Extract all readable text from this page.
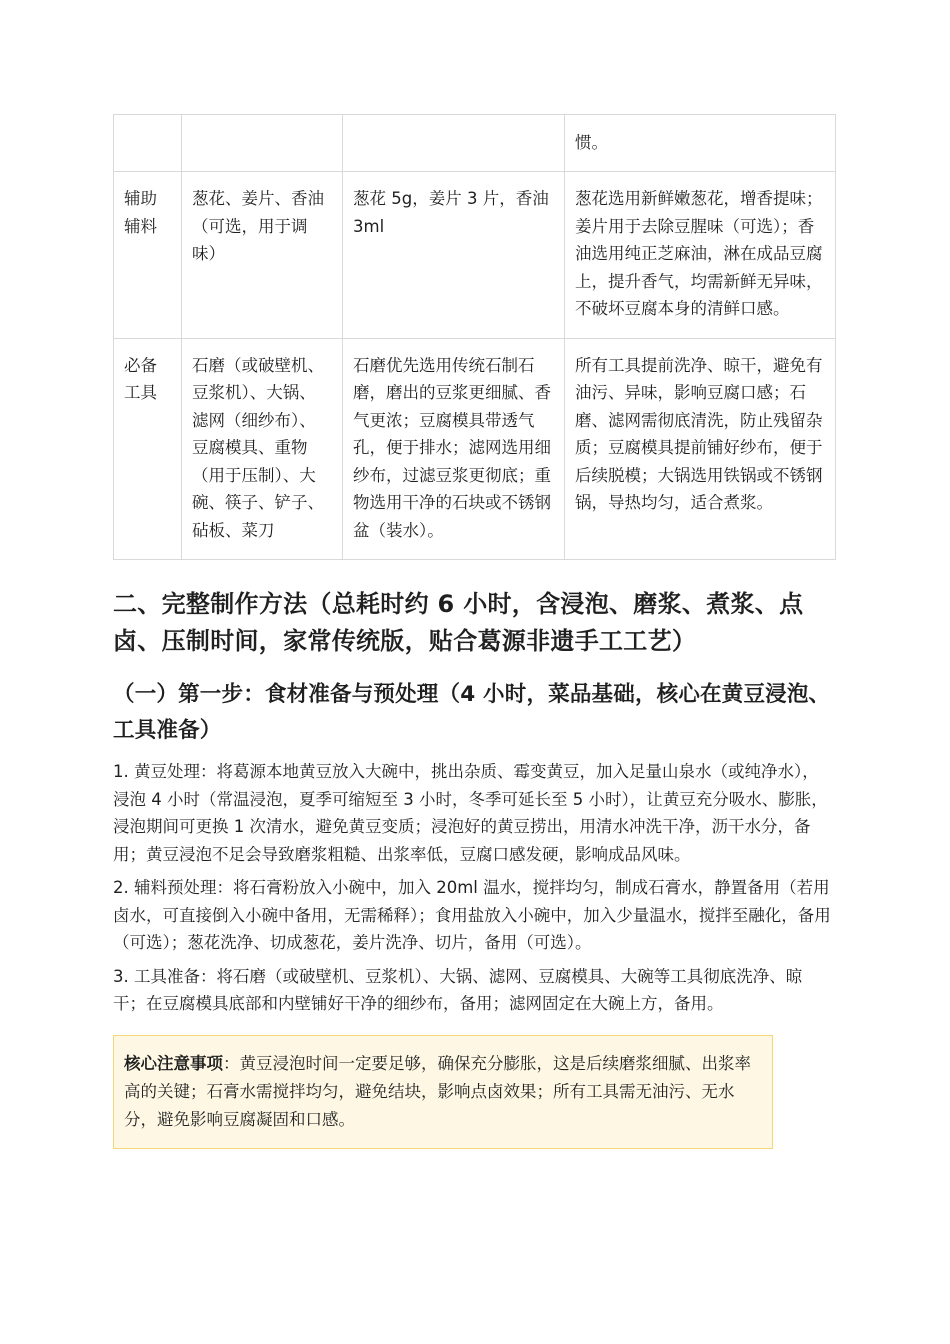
			惯。
辅助辅料	葱花、姜片、香油（可选，用于调味）	葱花 5g，姜片 3 片，香油 3ml	葱花选用新鲜嫩葱花，增香提味；姜片用于去除豆腥味（可选）；香油选用纯正芝麻油，淋在成品豆腐上，提升香气，均需新鲜无异味，不破坏豆腐本身的清鲜口感。
必备工具	石磨（或破壁机、豆浆机）、大锅、滤网（细纱布）、豆腐模具、重物（用于压制）、大碗、筷子、铲子、砧板、菜刀	石磨优先选用传统石制石磨，磨出的豆浆更细腻、香气更浓；豆腐模具带透气孔，便于排水；滤网选用细纱布，过滤豆浆更彻底；重物选用干净的石块或不锈钢盆（装水）。	所有工具提前洗净、晾干，避免有油污、异味，影响豆腐口感；石磨、滤网需彻底清洗，防止残留杂质；豆腐模具提前铺好纱布，便于后续脱模；大锅选用铁锅或不锈钢锅，导热均匀，适合煮浆。
二、完整制作方法（总耗时约 6 小时，含浸泡、磨浆、煮浆、点卤、压制时间，家常传统版，贴合葛源非遗手工工艺）
（一）第一步：食材准备与预处理（4 小时，菜品基础，核心在黄豆浸泡、工具准备）

1. 黄豆处理：将葛源本地黄豆放入大碗中，挑出杂质、霉变黄豆，加入足量山泉水（或纯净水），浸泡 4 小时（常温浸泡，夏季可缩短至 3 小时，冬季可延长至 5 小时），让黄豆充分吸水、膨胀，浸泡期间可更换 1 次清水，避免黄豆变质；浸泡好的黄豆捞出，用清水冲洗干净，沥干水分，备用；黄豆浸泡不足会导致磨浆粗糙、出浆率低，豆腐口感发硬，影响成品风味。

2. 辅料预处理：将石膏粉放入小碗中，加入 20ml 温水，搅拌均匀，制成石膏水，静置备用（若用卤水，可直接倒入小碗中备用，无需稀释）；食用盐放入小碗中，加入少量温水，搅拌至融化，备用（可选）；葱花洗净、切成葱花，姜片洗净、切片，备用（可选）。

3. 工具准备：将石磨（或破壁机、豆浆机）、大锅、滤网、豆腐模具、大碗等工具彻底洗净、晾干；在豆腐模具底部和内壁铺好干净的细纱布，备用；滤网固定在大碗上方，备用。

核心注意事项：黄豆浸泡时间一定要足够，确保充分膨胀，这是后续磨浆细腻、出浆率高的关键；石膏水需搅拌均匀，避免结块，影响点卤效果；所有工具需无油污、无水分，避免影响豆腐凝固和口感。
